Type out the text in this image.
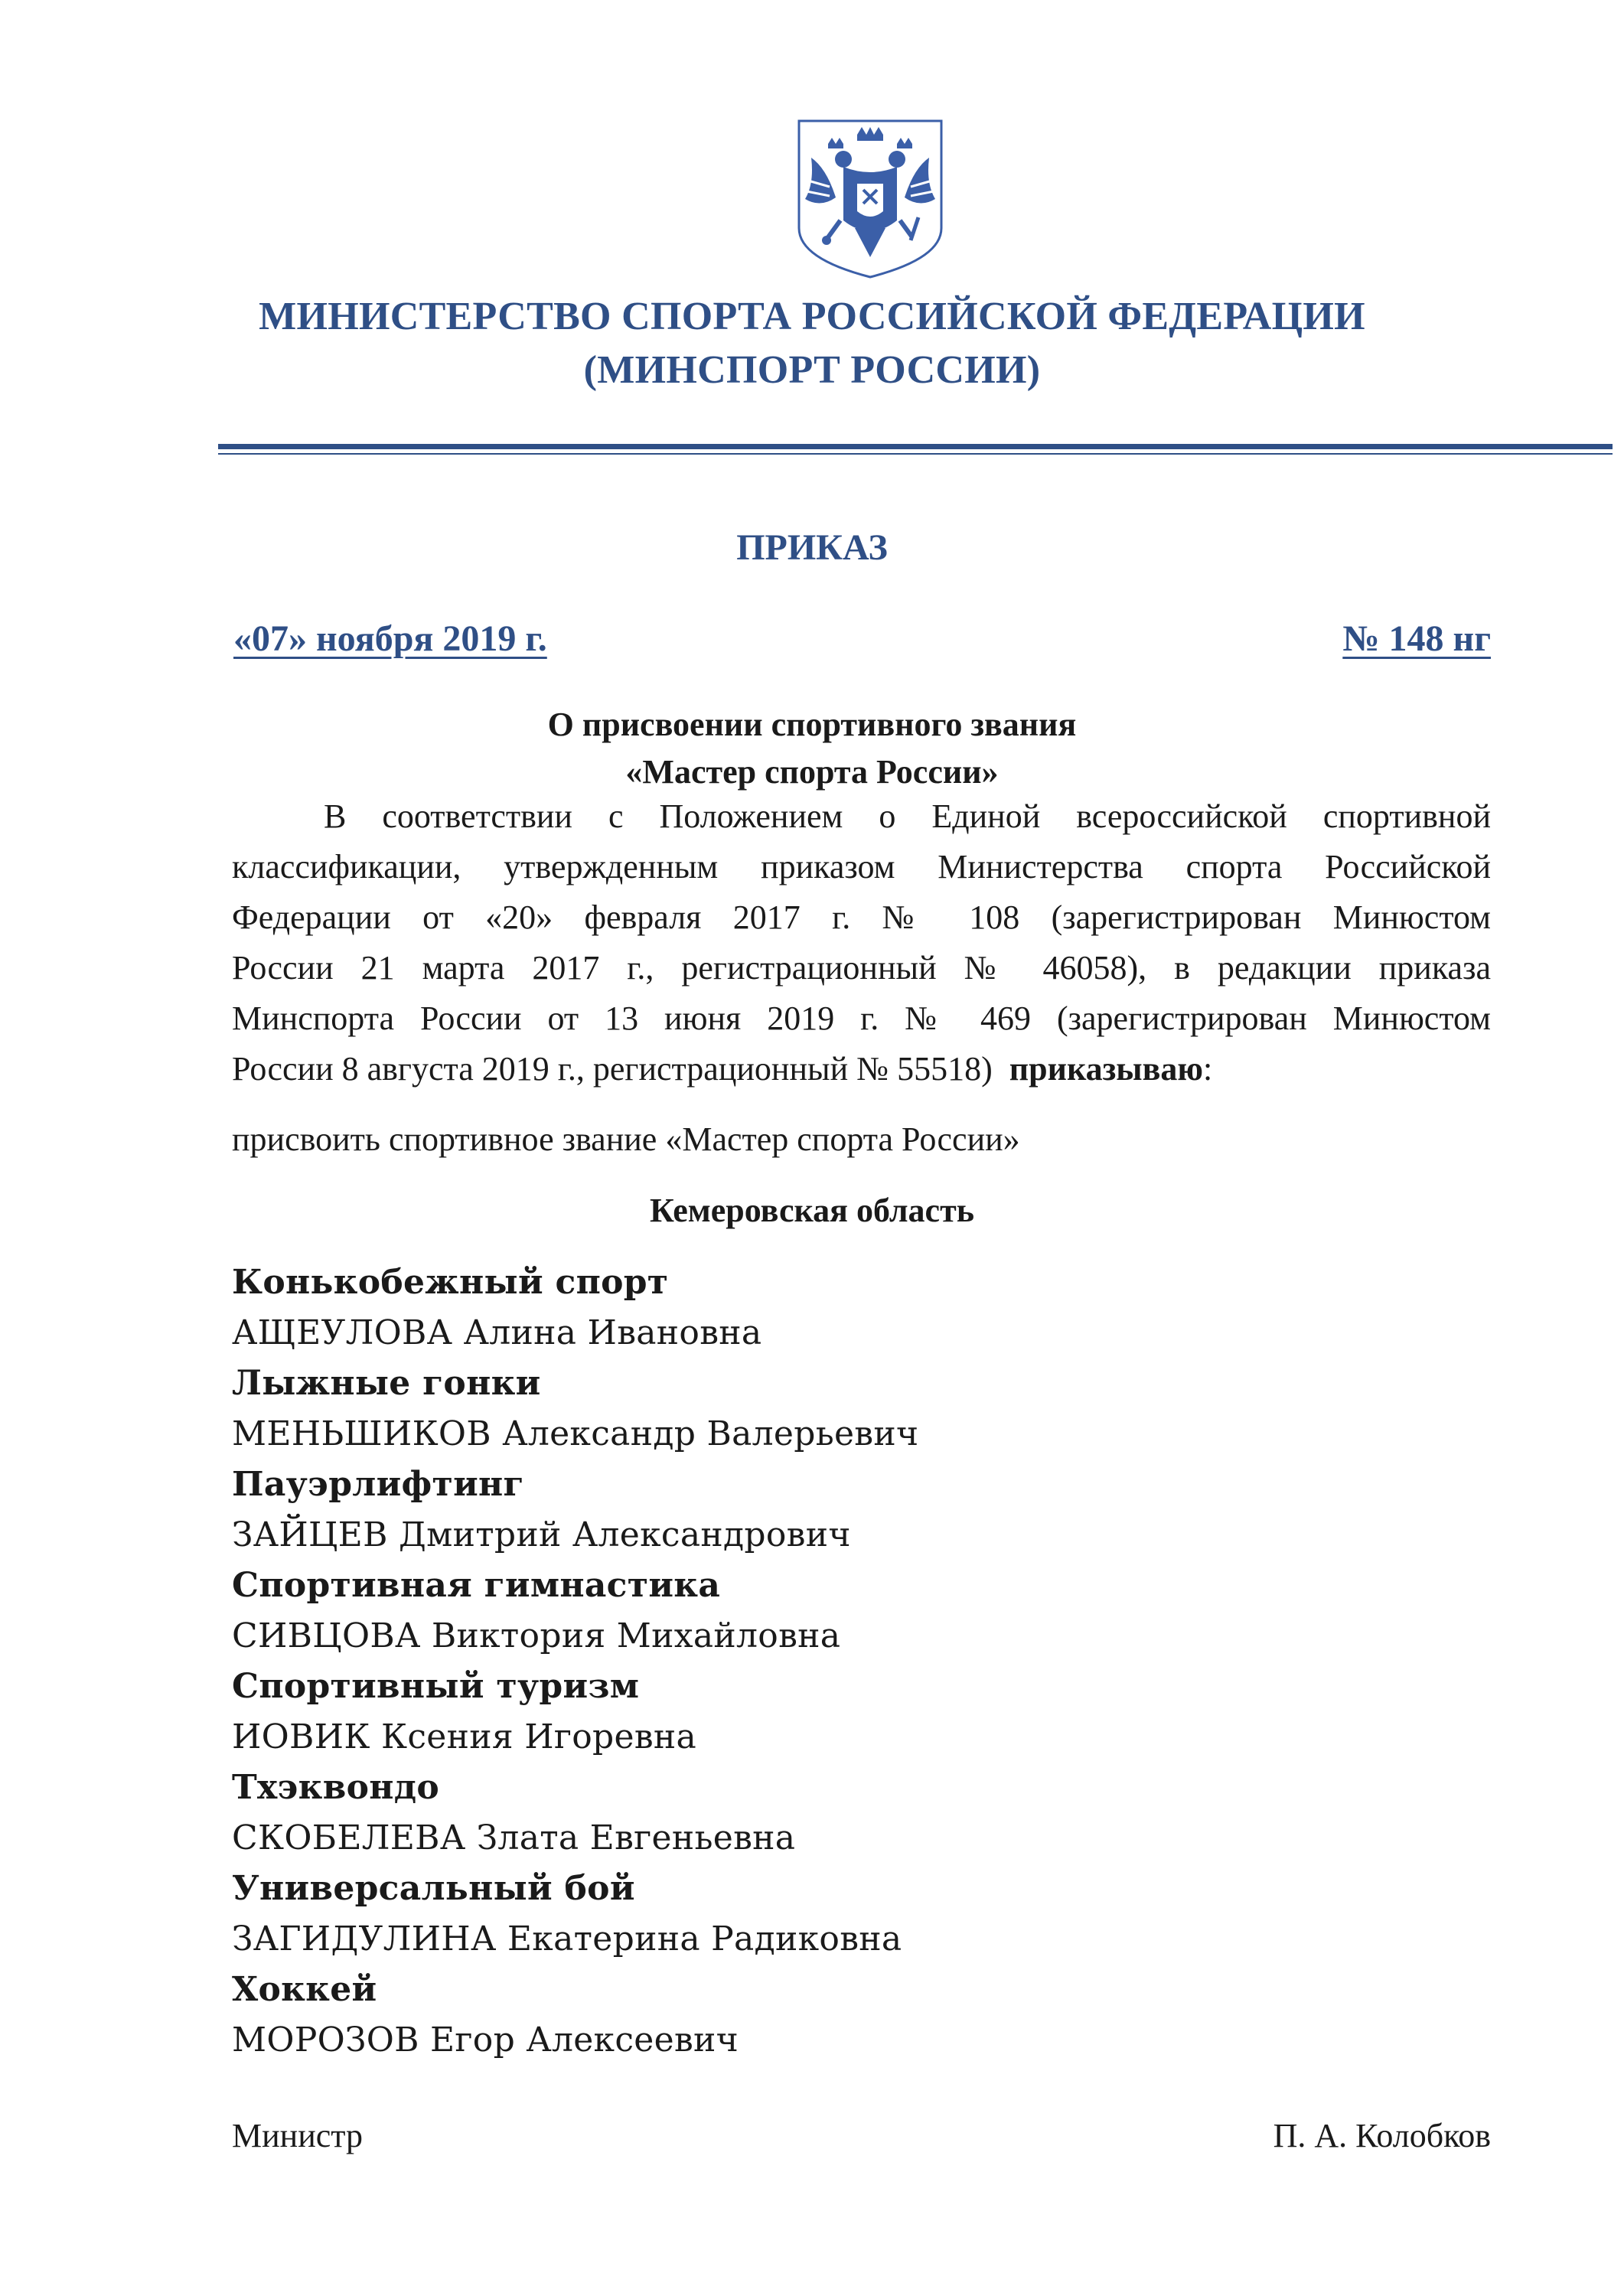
МИНИСТЕРСТВО СПОРТА РОССИЙСКОЙ ФЕДЕРАЦИИ
(МИНСПОРТ РОССИИ)
ПРИКАЗ
«07» ноября 2019 г.	№ 148 нг
О присвоении спортивного звания
«Мастер спорта России»
В соответствии с Положением о Единой всероссийской спортивной
классификации, утвержденным приказом Министерства спорта Российской
Федерации от «20» февраля 2017 г. № 108 (зарегистрирован Минюстом
России 21 марта 2017 г., регистрационный № 46058), в редакции приказа
Минспорта России от 13 июня 2019 г. № 469 (зарегистрирован Минюстом
России 8 августа 2019 г., регистрационный № 55518) приказываю:
присвоить спортивное звание «Мастер спорта России»
Кемеровская область
Конькобежный спорт
АЩЕУЛОВА Алина Ивановна
Лыжные гонки
МЕНЬШИКОВ Александр Валерьевич
Пауэрлифтинг
ЗАЙЦЕВ Дмитрий Александрович
Спортивная гимнастика
СИВЦОВА Виктория Михайловна
Спортивный туризм
ИОВИК Ксения Игоревна
Тхэквондо
СКОБЕЛЕВА Злата Евгеньевна
Универсальный бой
ЗАГИДУЛИНА Екатерина Радиковна
Хоккей
МОРОЗОВ Егор Алексеевич
Министр	П. А. Колобков
